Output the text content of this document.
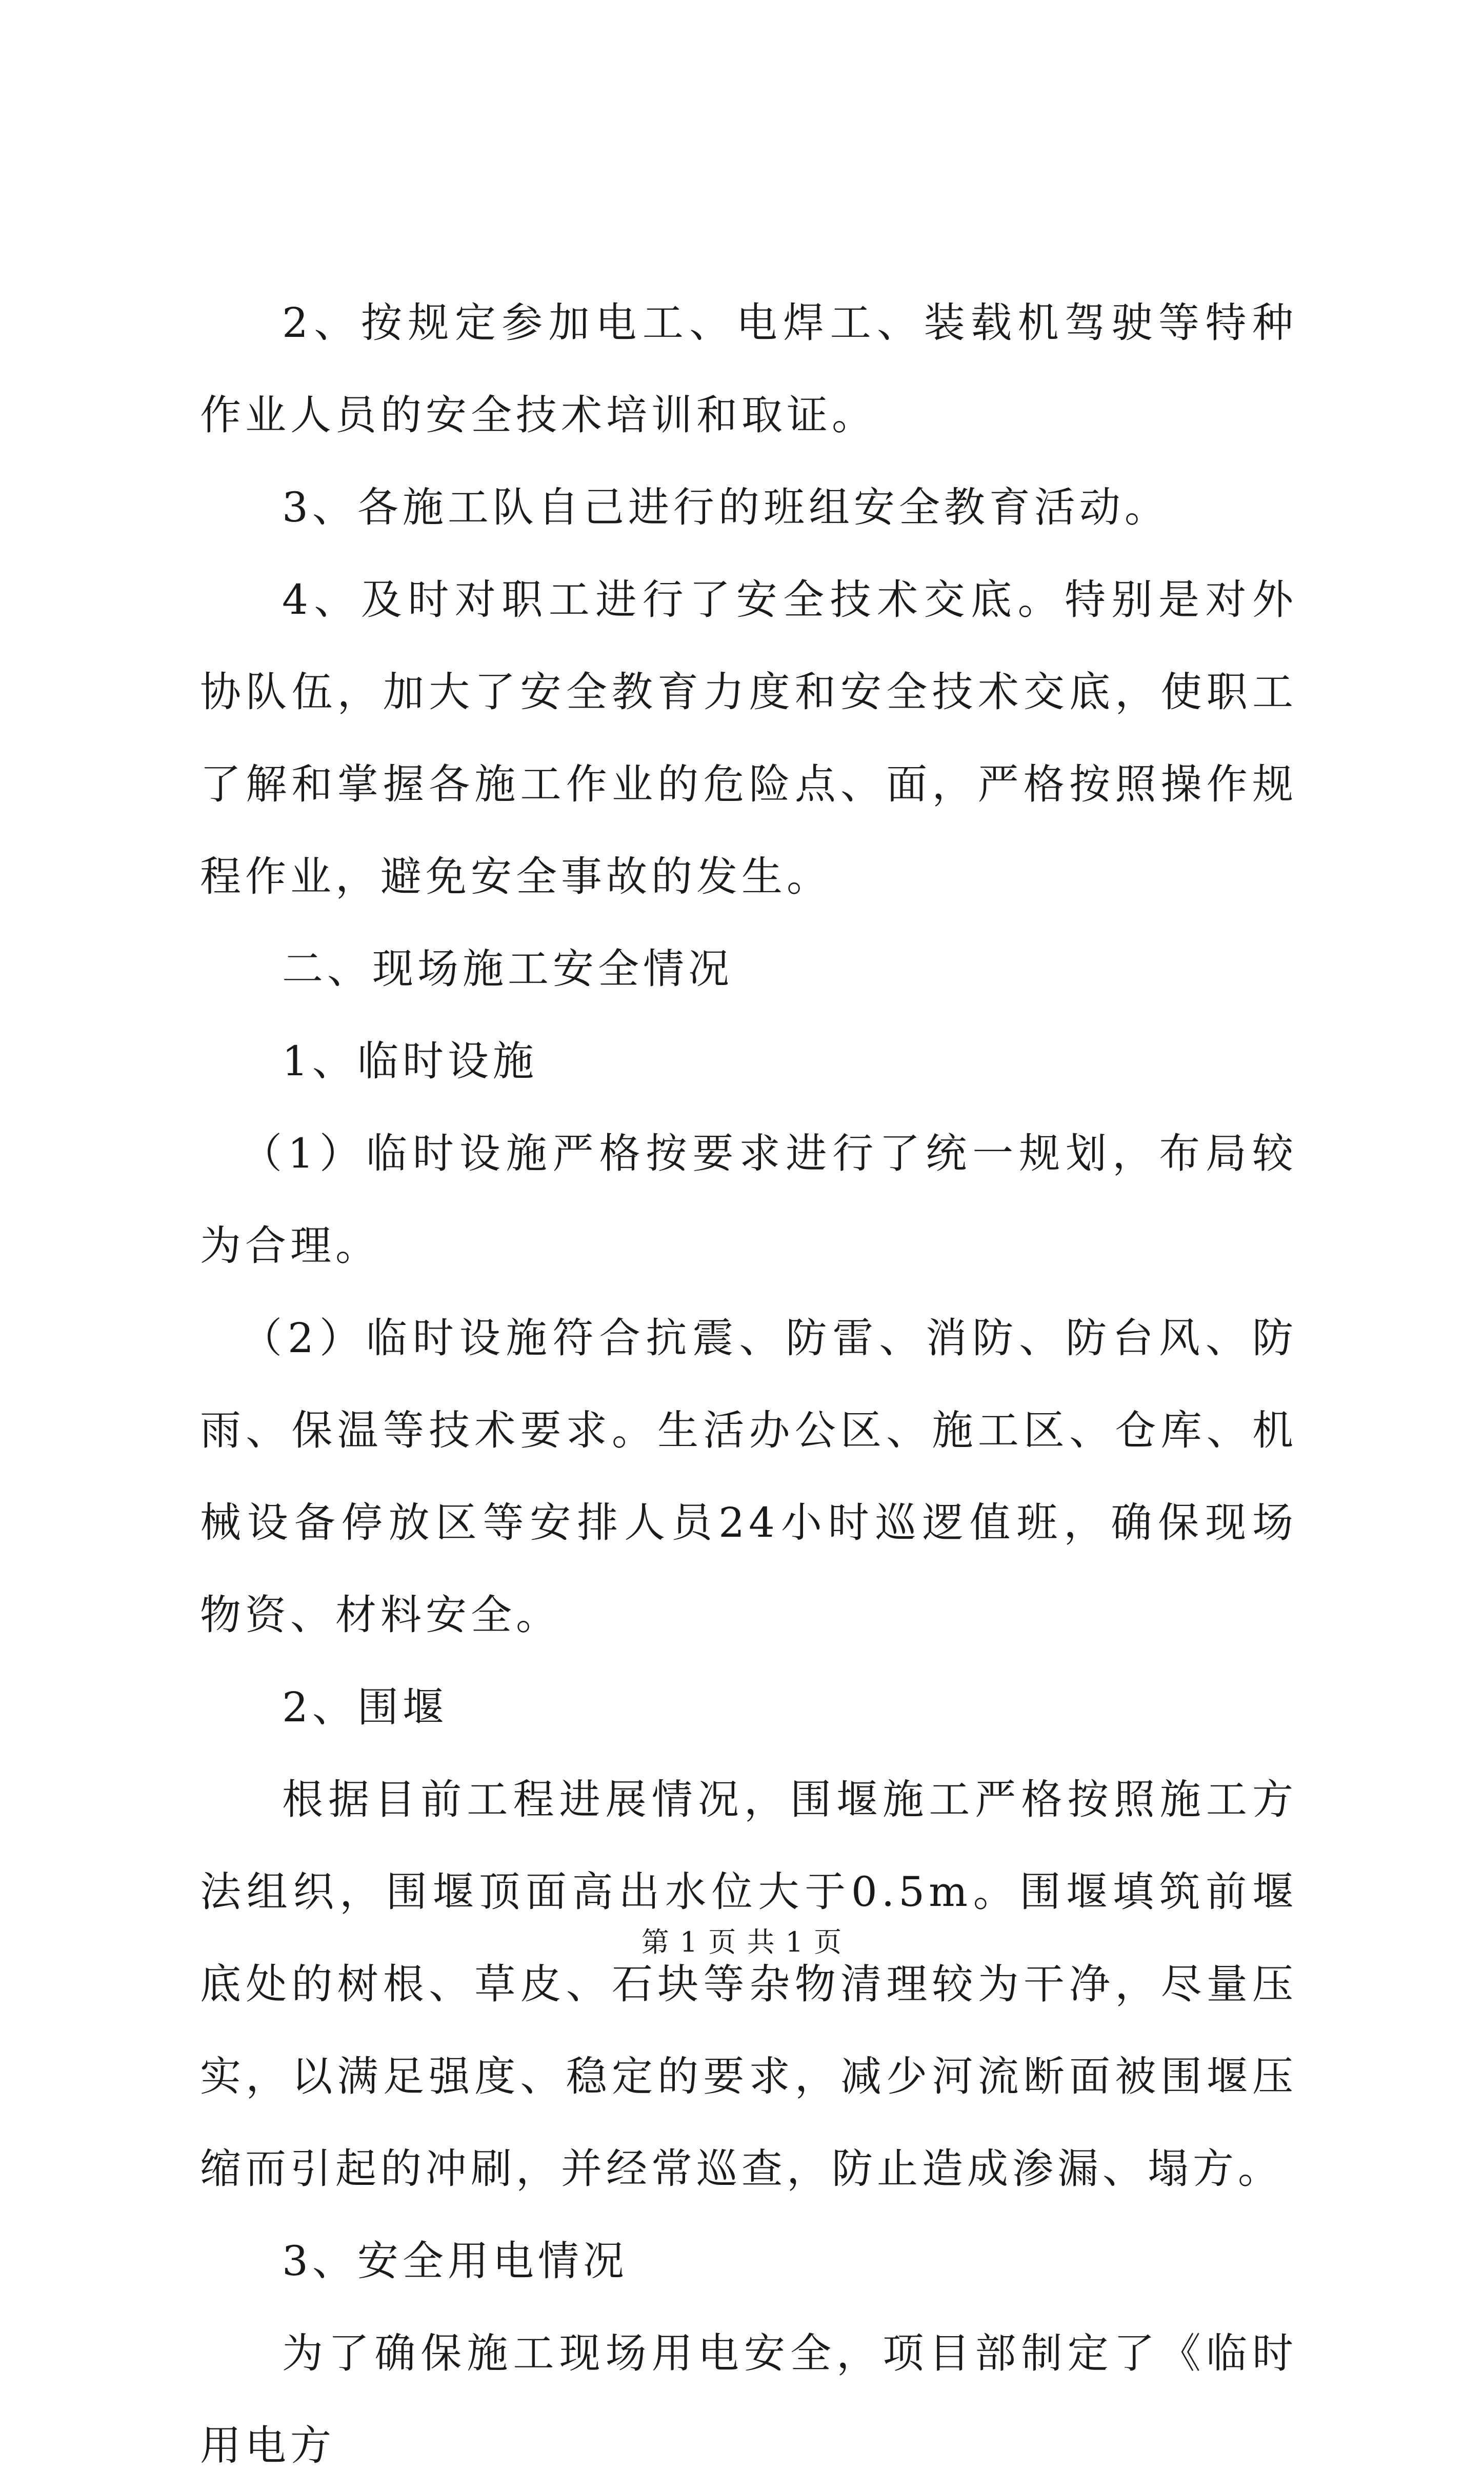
2、按规定参加电工、电焊工、装载机驾驶等特种作业人员的安全技术培训和取证。

3、各施工队自己进行的班组安全教育活动。

4、及时对职工进行了安全技术交底。特别是对外协队伍，加大了安全教育力度和安全技术交底，使职工了解和掌握各施工作业的危险点、面，严格按照操作规程作业，避免安全事故的发生。

二、现场施工安全情况

1、临时设施

（1）临时设施严格按要求进行了统一规划，布局较为合理。

（2）临时设施符合抗震、防雷、消防、防台风、防雨、保温等技术要求。生活办公区、施工区、仓库、机械设备停放区等安排人员24小时巡逻值班，确保现场物资、材料安全。

2、围堰

根据目前工程进展情况，围堰施工严格按照施工方法组织，围堰顶面高出水位大于0.5m。围堰填筑前堰底处的树根、草皮、石块等杂物清理较为干净，尽量压实，以满足强度、稳定的要求，减少河流断面被围堰压缩而引起的冲刷，并经常巡查，防止造成渗漏、塌方。

3、安全用电情况

为了确保施工现场用电安全，项目部制定了《临时用电方

第 1 页 共 1 页
